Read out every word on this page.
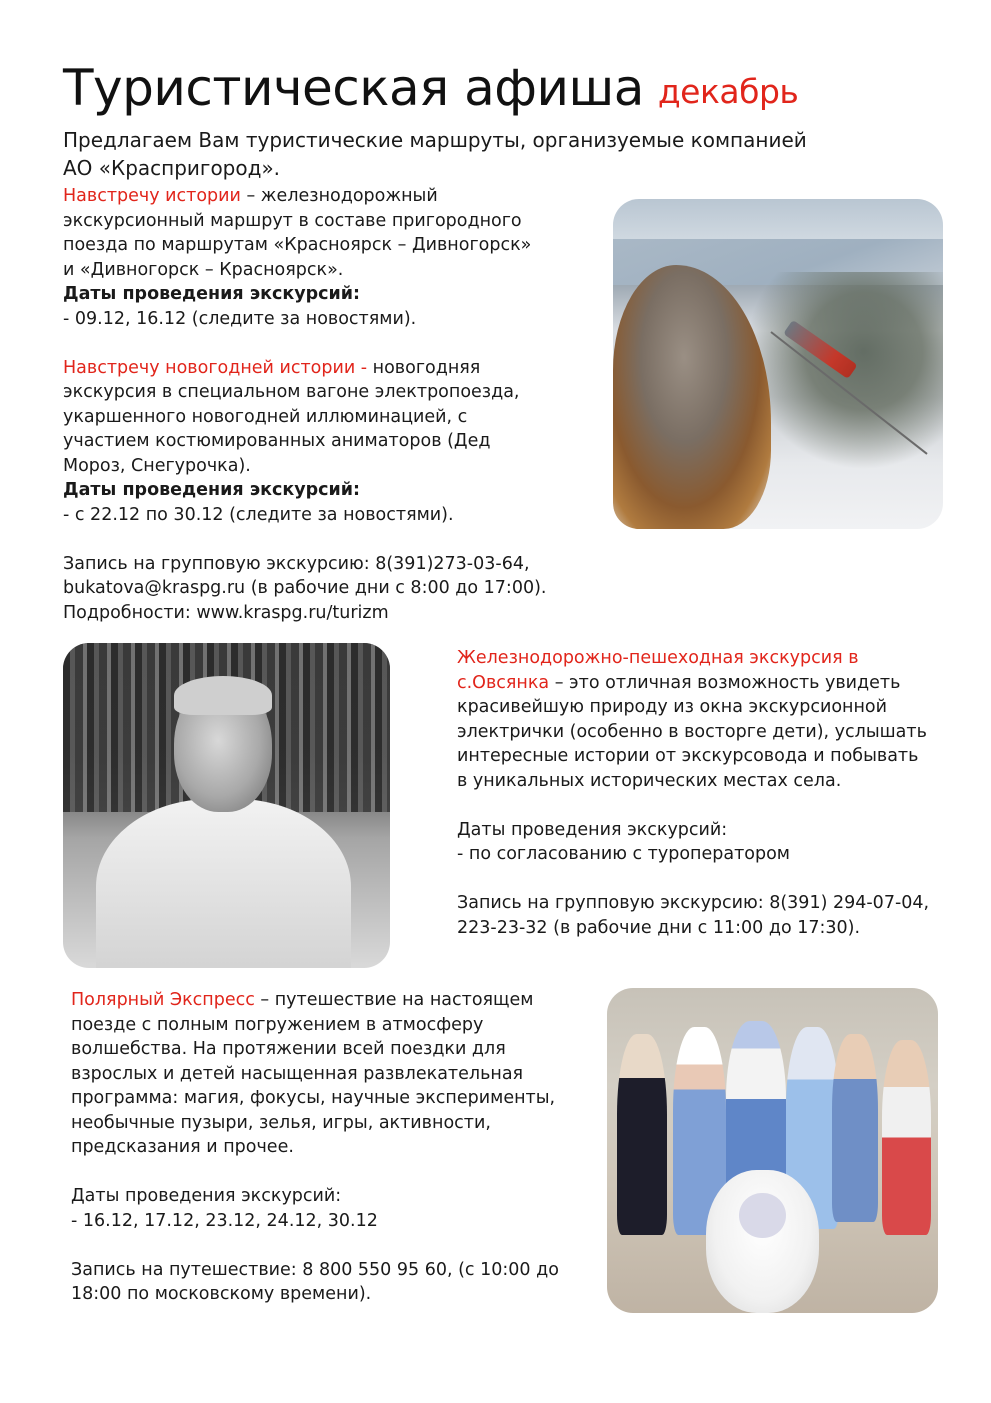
Туристическая афиша декабрь
Предлагаем Вам туристические маршруты, организуемые компанией
АО «Краспригород».
Навстречу истории – железнодорожный
экскурсионный маршрут в составе пригородного
поезда по маршрутам «Красноярск – Дивногорск»
и «Дивногорск – Красноярск».
Даты проведения экскурсий:
- 09.12, 16.12 (следите за новостями).

Навстречу новогодней истории - новогодняя
экскурсия в специальном вагоне электропоезда,
укаршенного новогодней иллюминацией, с
участием костюмированных аниматоров (Дед
Мороз, Снегурочка).
Даты проведения экскурсий:
- с 22.12 по 30.12 (следите за новостями).

Запись на групповую экскурсию: 8(391)273-03-64,
bukatova@kraspg.ru (в рабочие дни с 8:00 до 17:00).
Подробности: www.kraspg.ru/turizm
Железнодорожно-пешеходная экскурсия в
с.Овсянка – это отличная возможность увидеть
красивейшую природу из окна экскурсионной
электрички (особенно в восторге дети), услышать
интересные истории от экскурсовода и побывать
в уникальных исторических местах села.

Даты проведения экскурсий:
- по согласованию с туроператором

Запись на групповую экскурсию: 8(391) 294-07-04,
223-23-32 (в рабочие дни с 11:00 до 17:30).
Полярный Экспресс – путешествие на настоящем
поезде с полным погружением в атмосферу
волшебства. На протяжении всей поездки для
взрослых и детей насыщенная развлекательная
программа: магия, фокусы, научные эксперименты,
необычные пузыри, зелья, игры, активности,
предсказания и прочее.

Даты проведения экскурсий:
- 16.12, 17.12, 23.12, 24.12, 30.12

Запись на путешествие: 8 800 550 95 60, (с 10:00 до
18:00 по московскому времени).
